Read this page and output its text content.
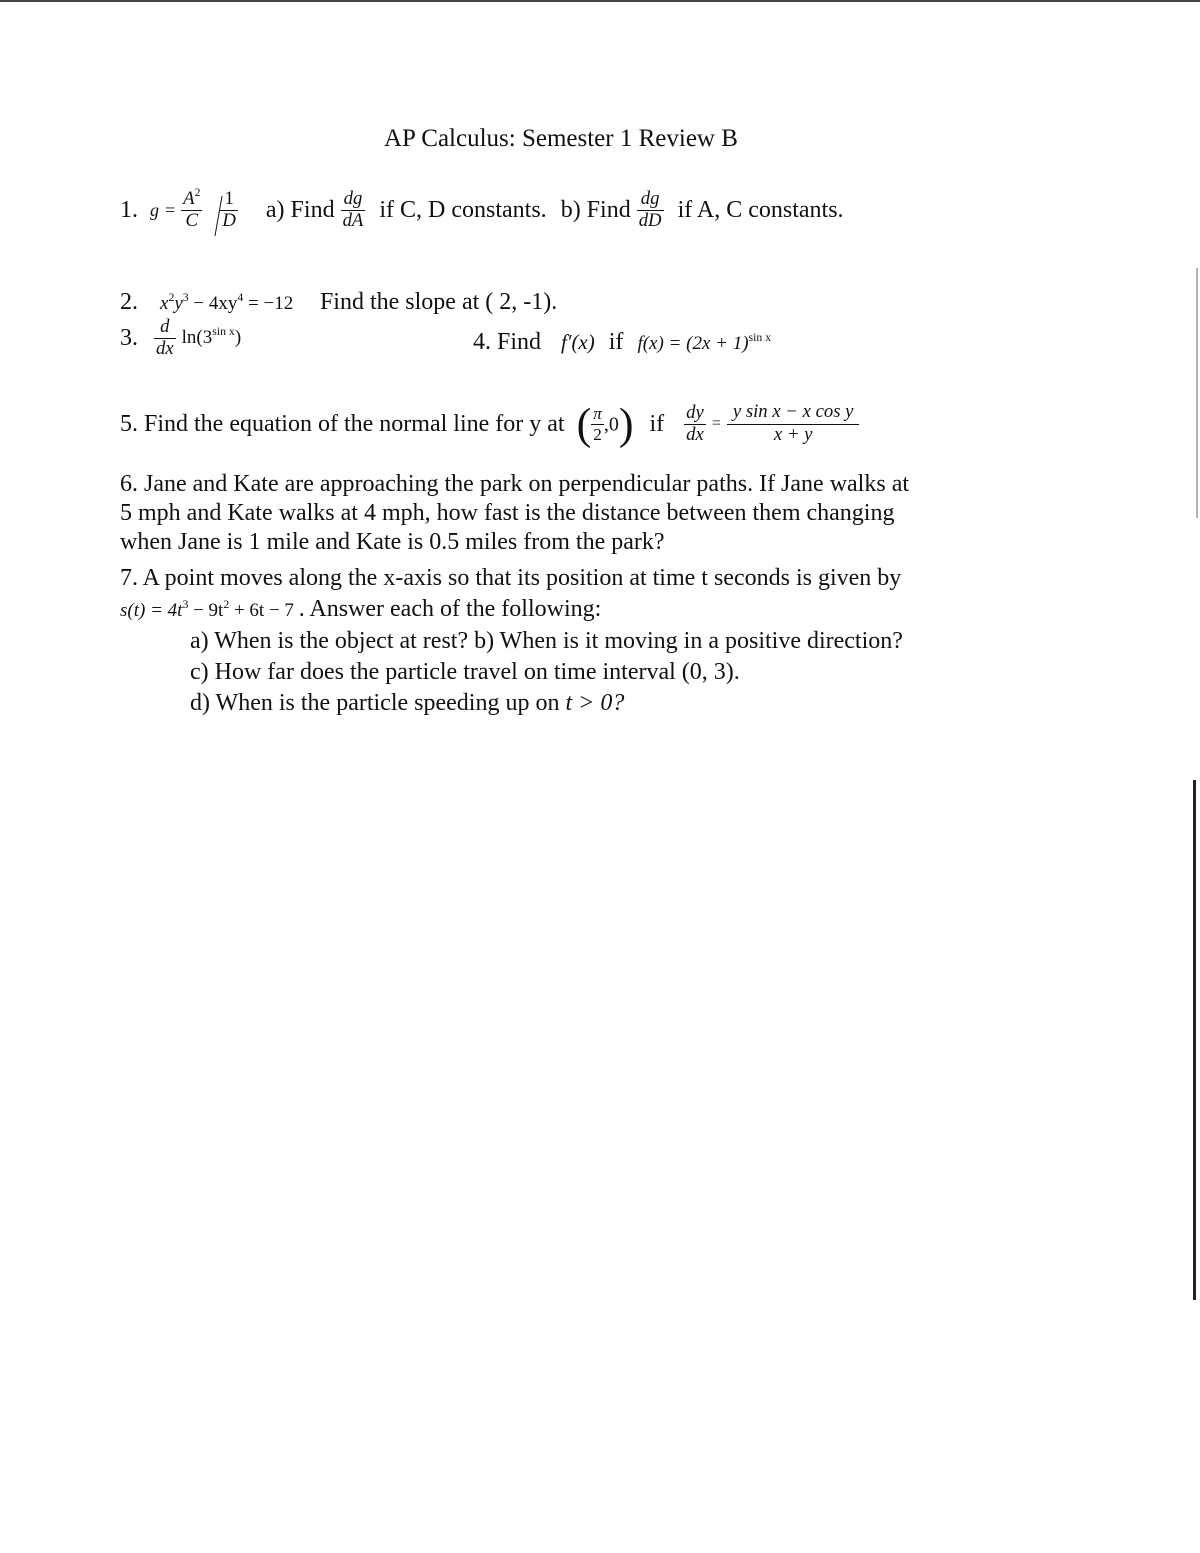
AP Calculus: Semester 1 Review B
1. $g = \frac{A^2}{C}$
$\frac{1}{D} a$) Find $\frac{dg}{dA}$ if C, D constants. b) Find $\frac{dg}{dD}$ if A, C constants.
2. $x^2y^3 - 4xy^4 = -12$ Find the slope at ( 2, -1).
3. $\frac{d}{dx} \ln(3^{sin x})$	4. Find f′(x) if $f(x) = (2x + 1)^{sin x}$
5. Find the equation of the normal line for y at ( $\frac{\pi}{2} ,0$) if $\frac{dy}{dx} = \frac{\text{y sin x − x cos y}}{x + y}$
6. Jane and Kate are approaching the park on perpendicular paths. If Jane walks at
5 mph and Kate walks at 4 mph, how fast is the distance between them changing
when Jane is 1 mile and Kate is 0.5 miles from the park?
7. A point moves along the x-axis so that its position at time t seconds is given by
$s(t) = 4t^3 - 9t^2 + 6t - 7$ . Answer each of the following:
a) When is the object at rest? b) When is it moving in a positive direction?
c) How far does the particle travel on time interval (0, 3).
d) When is the particle speeding up on t > 0?
